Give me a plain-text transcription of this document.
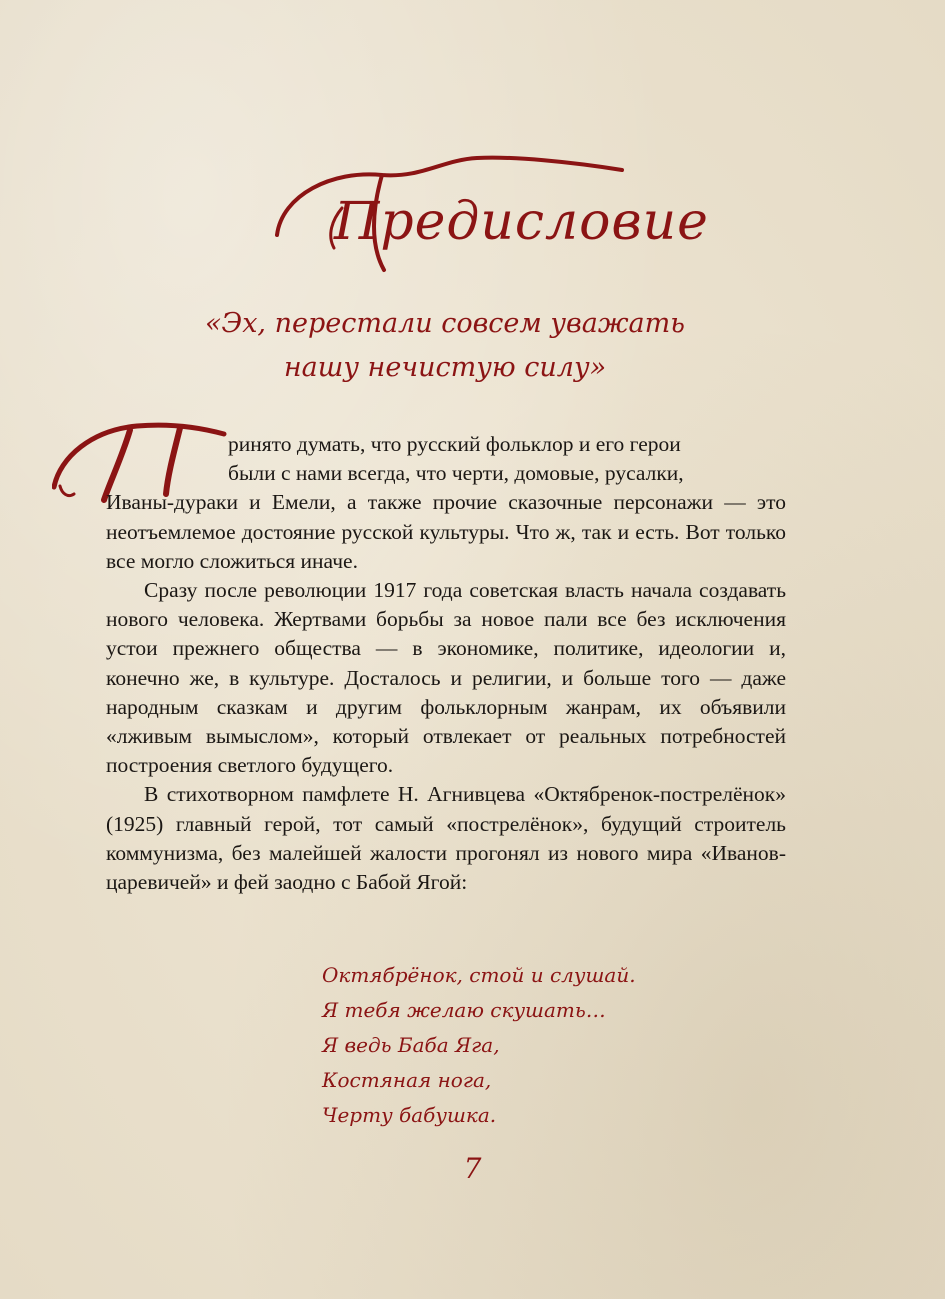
Предисловие
«Эх, перестали совсем уважать
нашу нечистую силу»

ринято думать, что русский фольклор и его герои
были с нами всегда, что черти, домовые, русалки,
Иваны-дураки и Емели, а также прочие сказочные персонажи — это неотъемлемое достояние русской культуры. Что ж, так и есть. Вот только все могло сложиться иначе.

Сразу после революции 1917 года советская власть начала создавать нового человека. Жертвами борьбы за новое пали все без исключения устои прежнего общества — в экономике, политике, идеологии и, конечно же, в культуре. Досталось и религии, и больше того — даже народным сказкам и другим фольклорным жанрам, их объявили «лживым вымыслом», который отвлекает от реальных потребностей построения светлого будущего.

В стихотворном памфлете Н. Агнивцева «Октябренок-пострелёнок» (1925) главный герой, тот самый «пострелёнок», будущий строитель коммунизма, без малейшей жалости прогонял из нового мира «Иванов-царевичей» и фей заодно с Бабой Ягой:

Октябрёнок, стой и слушай.
Я тебя желаю скушать…
Я ведь Баба Яга,
Костяная нога,
Черту бабушка.
7
